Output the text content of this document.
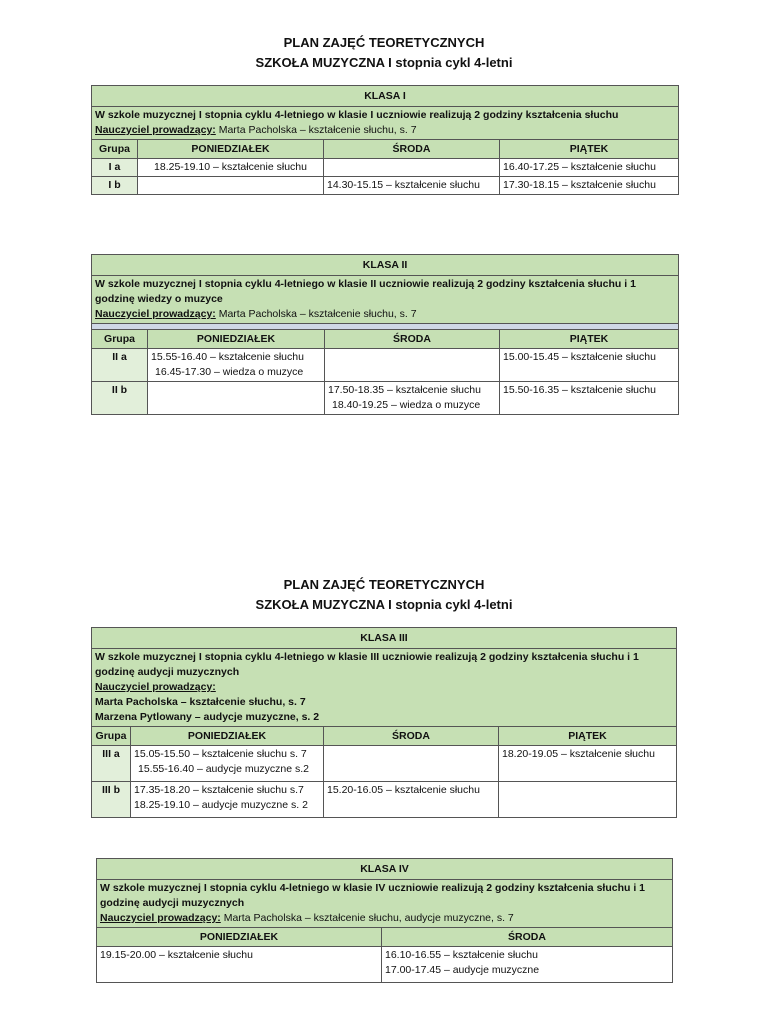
PLAN ZAJĘĆ TEORETYCZNYCH
SZKOŁA MUZYCZNA I stopnia cykl 4-letni
KLASA I			

W szkole muzycznej I stopnia cyklu 4-letniego w klasie I uczniowie realizują 2 godziny kształcenia słuchu
Nauczyciel prowadzący: Marta Pacholska – kształcenie słuchu, s. 7			

Grupa	PONIEDZIAŁEK	ŚRODA	PIĄTEK
I a	18.25-19.10 – kształcenie słuchu		16.40-17.25 – kształcenie słuchu
I b		14.30-15.15 – kształcenie słuchu	17.30-18.15 – kształcenie słuchu
KLASA II			

W szkole muzycznej I stopnia cyklu 4-letniego w klasie II uczniowie realizują 2 godziny kształcenia słuchu i 1 godzinę wiedzy o muzyce
Nauczyciel prowadzący: Marta Pacholska – kształcenie słuchu, s. 7			

Grupa	PONIEDZIAŁEK	ŚRODA	PIĄTEK
II a	15.55-16.40 – kształcenie słuchu
16.45-17.30 – wiedza o muzyce		15.00-15.45 – kształcenie słuchu
II b		17.50-18.35 – kształcenie słuchu
18.40-19.25 – wiedza o muzyce	15.50-16.35 – kształcenie słuchu
PLAN ZAJĘĆ TEORETYCZNYCH
SZKOŁA MUZYCZNA I stopnia cykl 4-letni
KLASA III			

W szkole muzycznej I stopnia cyklu 4-letniego w klasie III uczniowie realizują 2 godziny kształcenia słuchu i 1 godzinę audycji muzycznych
Nauczyciel prowadzący:
Marta Pacholska – kształcenie słuchu, s. 7
Marzena Pytlowany – audycje muzyczne, s. 2			

Grupa	PONIEDZIAŁEK	ŚRODA	PIĄTEK
III a	15.05-15.50 – kształcenie słuchu s. 7
15.55-16.40 – audycje muzyczne s.2		18.20-19.05 – kształcenie słuchu
III b	17.35-18.20 – kształcenie słuchu s.7
18.25-19.10 – audycje muzyczne s. 2	15.20-16.05 – kształcenie słuchu	
KLASA IV	

W szkole muzycznej I stopnia cyklu 4-letniego w klasie IV uczniowie realizują 2 godziny kształcenia słuchu i 1 godzinę audycji muzycznych
Nauczyciel prowadzący: Marta Pacholska – kształcenie słuchu, audycje muzyczne, s. 7	

PONIEDZIAŁEK	ŚRODA
19.15-20.00 – kształcenie słuchu	16.10-16.55 – kształcenie słuchu
17.00-17.45 – audycje muzyczne
